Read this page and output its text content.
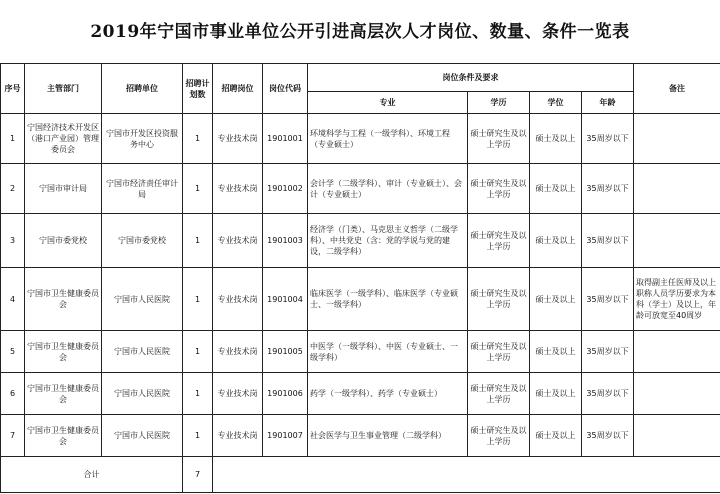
2019年宁国市事业单位公开引进高层次人才岗位、数量、条件一览表
序号	主管部门	招聘单位	招聘计划数	招聘岗位	岗位代码	岗位条件及要求				备注
						专业	学历	学位	年龄	
1	宁国经济技术开发区（港口产业园）管理委员会	宁国市开发区投资服务中心	1	专业技术岗	1901001	环境科学与工程（一级学科）、环境工程（专业硕士）	硕士研究生及以上学历	硕士及以上	35周岁以下	
2	宁国市审计局	宁国市经济责任审计局	1	专业技术岗	1901002	会计学（二级学科）、审计（专业硕士）、会计（专业硕士）	硕士研究生及以上学历	硕士及以上	35周岁以下	
3	宁国市委党校	宁国市委党校	1	专业技术岗	1901003	经济学（门类）、马克思主义哲学（二级学科）、中共党史（含：党的学说与党的建设，二级学科）	硕士研究生及以上学历	硕士及以上	35周岁以下	
4	宁国市卫生健康委员会	宁国市人民医院	1	专业技术岗	1901004	临床医学（一级学科）、临床医学（专业硕士、一级学科）	硕士研究生及以上学历	硕士及以上	35周岁以下	取得副主任医师及以上职称人员学历要求为本科（学士）及以上，年龄可放宽至40周岁
5	宁国市卫生健康委员会	宁国市人民医院	1	专业技术岗	1901005	中医学（一级学科）、中医（专业硕士、一级学科）	硕士研究生及以上学历	硕士及以上	35周岁以下	
6	宁国市卫生健康委员会	宁国市人民医院	1	专业技术岗	1901006	药学（一级学科）、药学（专业硕士）	硕士研究生及以上学历	硕士及以上	35周岁以下	
7	宁国市卫生健康委员会	宁国市人民医院	1	专业技术岗	1901007	社会医学与卫生事业管理（二级学科）	硕士研究生及以上学历	硕士及以上	35周岁以下	
合计			7							
